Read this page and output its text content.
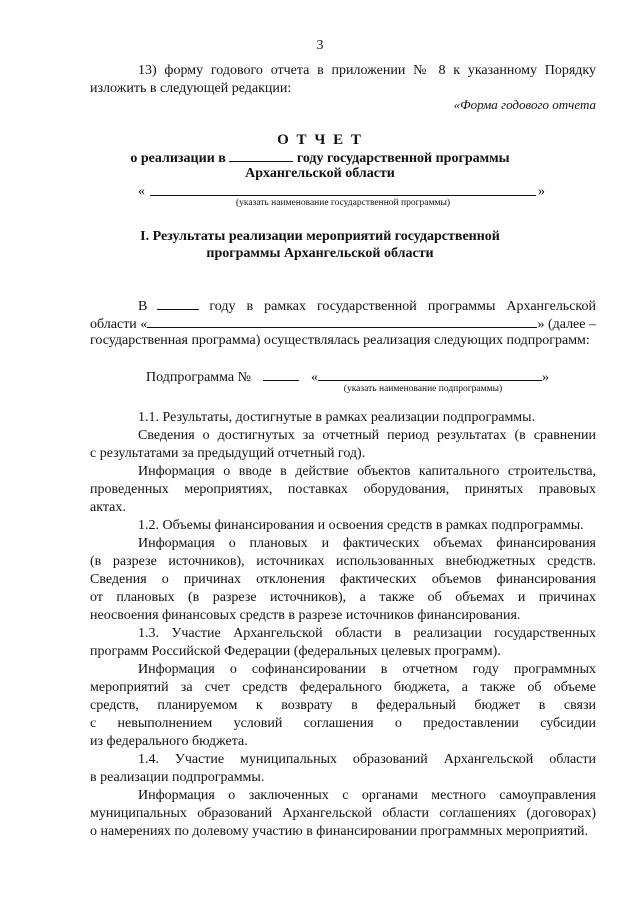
3
13) форму годового отчета в приложении № 8 к указанному Порядку
изложить в следующей редакции:
«Форма годового отчета
О Т Ч Е Т
о реализации в	году государственной программы
Архангельской области
«	»
(указать наименование государственной программы)
I. Результаты реализации мероприятий государственной
программы Архангельской области
В	году в рамках государственной программы Архангельской
области «	» (далее –
государственная программа) осуществлялась реализация следующих подпрограмм:
Подпрограмма №	«	»
(указать наименование подпрограммы)
1.1. Результаты, достигнутые в рамках реализации подпрограммы.
Сведения о достигнутых за отчетный период результатах (в сравнении
с результатами за предыдущий отчетный год).
Информация о вводе в действие объектов капитального строительства,
проведенных мероприятиях, поставках оборудования, принятых правовых
актах.
1.2. Объемы финансирования и освоения средств в рамках подпрограммы.
Информация о плановых и фактических объемах финансирования
(в разрезе источников), источниках использованных внебюджетных средств.
Сведения о причинах отклонения фактических объемов финансирования
от плановых (в разрезе источников), а также об объемах и причинах
неосвоения финансовых средств в разрезе источников финансирования.
1.3. Участие Архангельской области в реализации государственных
программ Российской Федерации (федеральных целевых программ).
Информация о софинансировании в отчетном году программных
мероприятий за счет средств федерального бюджета, а также об объеме
средств, планируемом к возврату в федеральный бюджет в связи
с невыполнением условий соглашения о предоставлении субсидии
из федерального бюджета.
1.4. Участие муниципальных образований Архангельской области
в реализации подпрограммы.
Информация о заключенных с органами местного самоуправления
муниципальных образований Архангельской области соглашениях (договорах)
о намерениях по долевому участию в финансировании программных мероприятий.
